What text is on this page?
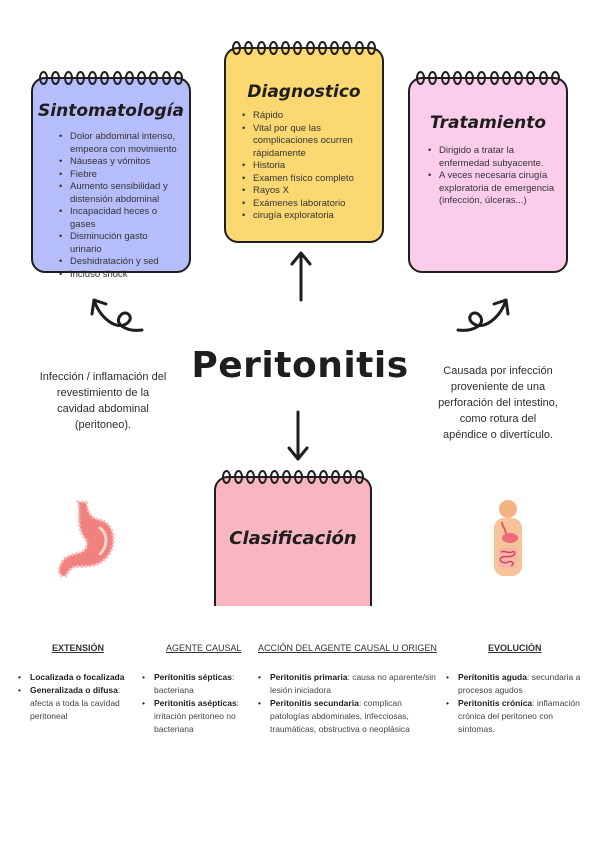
Sintomatología
• Dolor abdominal intenso, empeora con movimiento
• Náuseas y vómitos
• Fiebre
• Aumento sensibilidad y distensión abdominal
• Incapacidad heces o gases
• Disminución gasto urinario
• Deshidratación y sed
• Incluso shock
Diagnostico
• Rápido
• Vital por que las complicaciones ocurren rápidamente
• Historia
• Examen físico completo
• Rayos X
• Exámenes laboratorio
• cirugía exploratoria
Tratamiento
• Dirigido a tratar la enfermedad subyacente.
• A veces necesaria cirugía exploratoria de emergencia (infección, úlceras...)
Peritonitis

Infección / inflamación del revestimiento de la cavidad abdominal (peritoneo).

Causada por infección proveniente de una perforación del intestino, como rotura del apéndice o divertículo.

Clasificación
EXTENSIÓN
• Localizada o focalizada
• Generalizada o difusa: afecta a toda la cavidad peritoneal
AGENTE CAUSAL
• Peritonitis sépticas: bacteriana
• Peritonitis asépticas: irritación peritoneo no bacteriana
ACCIÓN DEL AGENTE CAUSAL U ORIGEN
• Peritonitis primaria: causa no aparente/sin lesión iniciadora
• Peritonitis secundaria: complican patologías abdominales, infecciosas, traumáticas, obstructiva o neoplásica
EVOLUCIÓN
• Peritonitis aguda: secundaria a procesos agudos
• Peritonitis crónica: inflamación crónica del peritoneo con síntomas.
